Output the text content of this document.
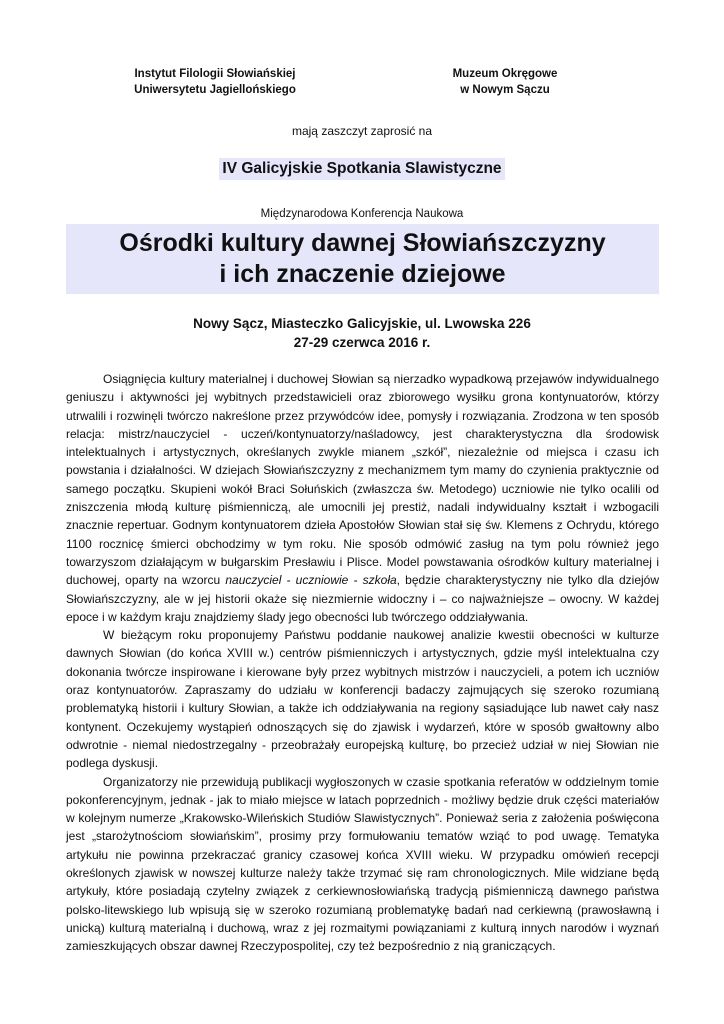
Instytut Filologii Słowiańskiej
Uniwersytetu Jagiellońskiego
Muzeum Okręgowe
w Nowym Sączu
mają zaszczyt zaprosić na
IV Galicyjskie Spotkania Slawistyczne
Międzynarodowa Konferencja Naukowa
Ośrodki kultury dawnej Słowiańszczyzny
i ich znaczenie dziejowe
Nowy Sącz, Miasteczko Galicyjskie, ul. Lwowska 226
27-29 czerwca 2016 r.

Osiągnięcia kultury materialnej i duchowej Słowian są nierzadko wypadkową przejawów indywidualnego geniuszu i aktywności jej wybitnych przedstawicieli oraz zbiorowego wysiłku grona kontynuatorów, którzy utrwalili i rozwinęli twórczo nakreślone przez przywódców idee, pomysły i rozwiązania. Zrodzona w ten sposób relacja: mistrz/nauczyciel - uczeń/kontynuatorzy/naśladowcy, jest charakterystyczna dla środowisk intelektualnych i artystycznych, określanych zwykle mianem „szkół”, niezależnie od miejsca i czasu ich powstania i działalności. W dziejach Słowiańszczyzny z mechanizmem tym mamy do czynienia praktycznie od samego początku. Skupieni wokół Braci Sołuńskich (zwłaszcza św. Metodego) uczniowie nie tylko ocalili od zniszczenia młodą kulturę piśmienniczą, ale umocnili jej prestiż, nadali indywidualny kształt i wzbogacili znacznie repertuar. Godnym kontynuatorem dzieła Apostołów Słowian stał się św. Klemens z Ochrydu, którego 1100 rocznicę śmierci obchodzimy w tym roku. Nie sposób odmówić zasług na tym polu również jego towarzyszom działającym w bułgarskim Presławiu i Plisce. Model powstawania ośrodków kultury materialnej i duchowej, oparty na wzorcu nauczyciel - uczniowie - szkoła, będzie charakterystyczny nie tylko dla dziejów Słowiańszczyzny, ale w jej historii okaże się niezmiernie widoczny i – co najważniejsze – owocny. W każdej epoce i w każdym kraju znajdziemy ślady jego obecności lub twórczego oddziaływania.

W bieżącym roku proponujemy Państwu poddanie naukowej analizie kwestii obecności w kulturze dawnych Słowian (do końca XVIII w.) centrów piśmienniczych i artystycznych, gdzie myśl intelektualna czy dokonania twórcze inspirowane i kierowane były przez wybitnych mistrzów i nauczycieli, a potem ich uczniów oraz kontynuatorów. Zapraszamy do udziału w konferencji badaczy zajmujących się szeroko rozumianą problematyką historii i kultury Słowian, a także ich oddziaływania na regiony sąsiadujące lub nawet cały nasz kontynent. Oczekujemy wystąpień odnoszących się do zjawisk i wydarzeń, które w sposób gwałtowny albo odwrotnie - niemal niedostrzegalny - przeobrażały europejską kulturę, bo przecież udział w niej Słowian nie podlega dyskusji.

Organizatorzy nie przewidują publikacji wygłoszonych w czasie spotkania referatów w oddzielnym tomie pokonferencyjnym, jednak - jak to miało miejsce w latach poprzednich - możliwy będzie druk części materiałów w kolejnym numerze „Krakowsko-Wileńskich Studiów Slawistycznych”. Ponieważ seria z założenia poświęcona jest „starożytnościom słowiańskim”, prosimy przy formułowaniu tematów wziąć to pod uwagę. Tematyka artykułu nie powinna przekraczać granicy czasowej końca XVIII wieku. W przypadku omówień recepcji określonych zjawisk w nowszej kulturze należy także trzymać się ram chronologicznych. Mile widziane będą artykuły, które posiadają czytelny związek z cerkiewnosłowiańską tradycją piśmienniczą dawnego państwa polsko-litewskiego lub wpisują się w szeroko rozumianą problematykę badań nad cerkiewną (prawosławną i unicką) kulturą materialną i duchową, wraz z jej rozmaitymi powiązaniami z kulturą innych narodów i wyznań zamieszkujących obszar dawnej Rzeczypospolitej, czy też bezpośrednio z nią graniczących.
